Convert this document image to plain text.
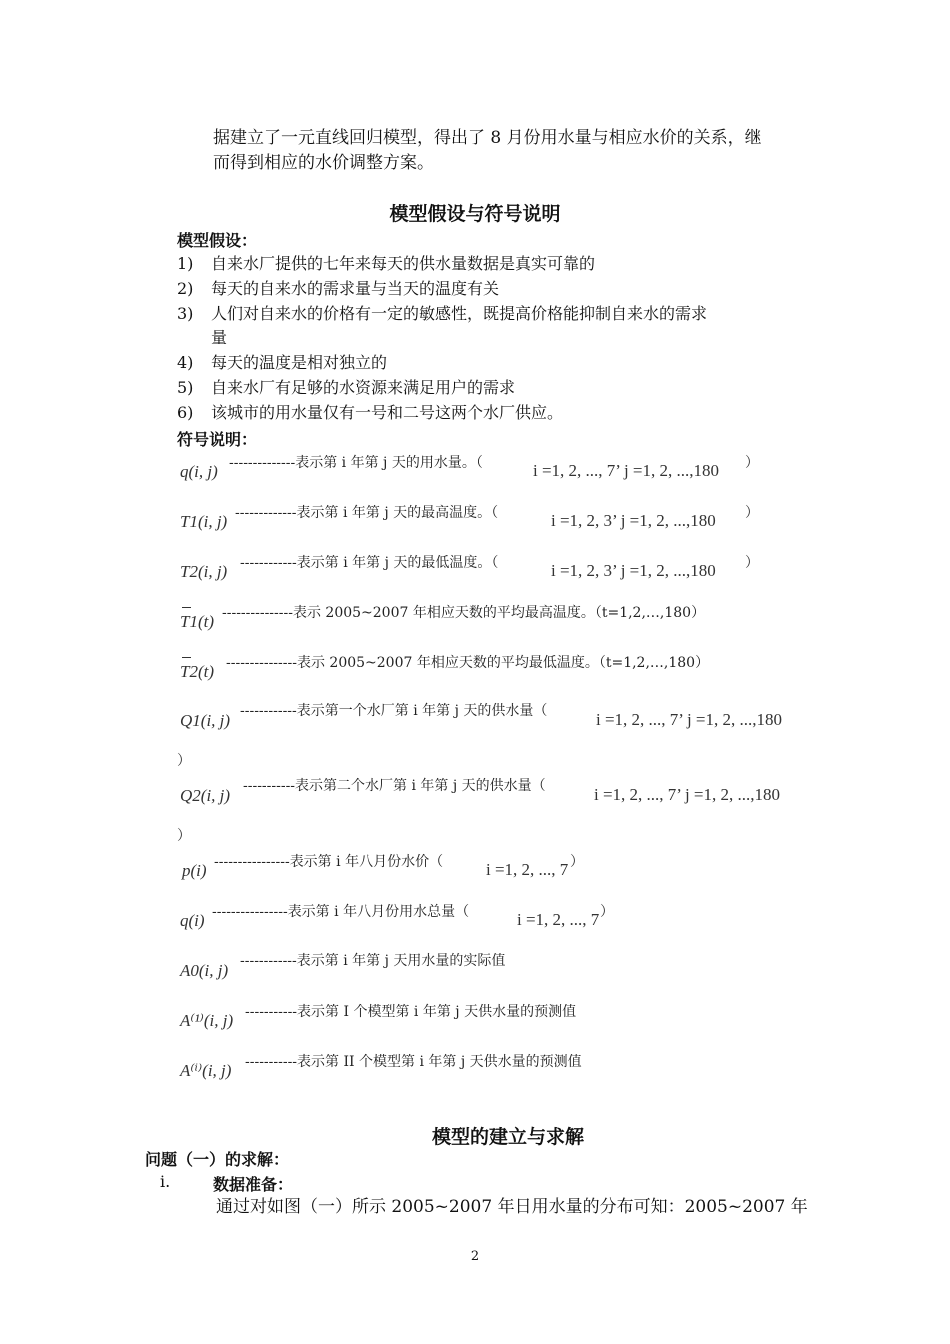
据建立了一元直线回归模型，得出了 8 月份用水量与相应水价的关系，继
而得到相应的水价调整方案。
模型假设与符号说明
模型假设：
1) 自来水厂提供的七年来每天的供水量数据是真实可靠的
2) 每天的自来水的需求量与当天的温度有关
3) 人们对自来水的价格有一定的敏感性，既提高价格能抑制自来水的需求
量
4) 每天的温度是相对独立的
5) 自来水厂有足够的水资源来满足用户的需求
6) 该城市的用水量仅有一号和二号这两个水厂供应。
符号说明：
q(i, j) --------------表示第 i 年第 j 天的用水量。（	i =1, 2, ..., 7’ j =1, 2, ...,180 ）
T1(i, j) -------------表示第 i 年第 j 天的最高温度。（	i =1, 2, 3’ j =1, 2, ...,180 ）
T2(i, j) ------------表示第 i 年第 j 天的最低温度。（	i =1, 2, 3’ j =1, 2, ...,180 ）
T1(t) ---------------表示 2005~2007 年相应天数的平均最高温度。（t=1,2,…,180）
T2(t) ---------------表示 2005~2007 年相应天数的平均最低温度。（t=1,2,…,180）
Q1(i, j) ------------表示第一个水厂第 i 年第 j 天的供水量（	i =1, 2, ..., 7’ j =1, 2, ...,180
）
Q2(i, j) -----------表示第二个水厂第 i 年第 j 天的供水量（	i =1, 2, ..., 7’ j =1, 2, ...,180
）
p(i) ----------------表示第 i 年八月份水价（	i =1, 2, ..., 7 ）
q(i) ----------------表示第 i 年八月份用水总量（	i =1, 2, ..., 7 ）
A0(i, j) ------------表示第 i 年第 j 天用水量的实际值
A⁽¹⁾(i, j) -----------表示第 I 个模型第 i 年第 j 天供水量的预测值
A⁽ⁱ⁾(i, j) -----------表示第 II 个模型第 i 年第 j 天供水量的预测值
模型的建立与求解
问题（一）的求解：
i.	数据准备：
通过对如图（一）所示 2005~2007 年日用水量的分布可知：2005~2007 年
2
